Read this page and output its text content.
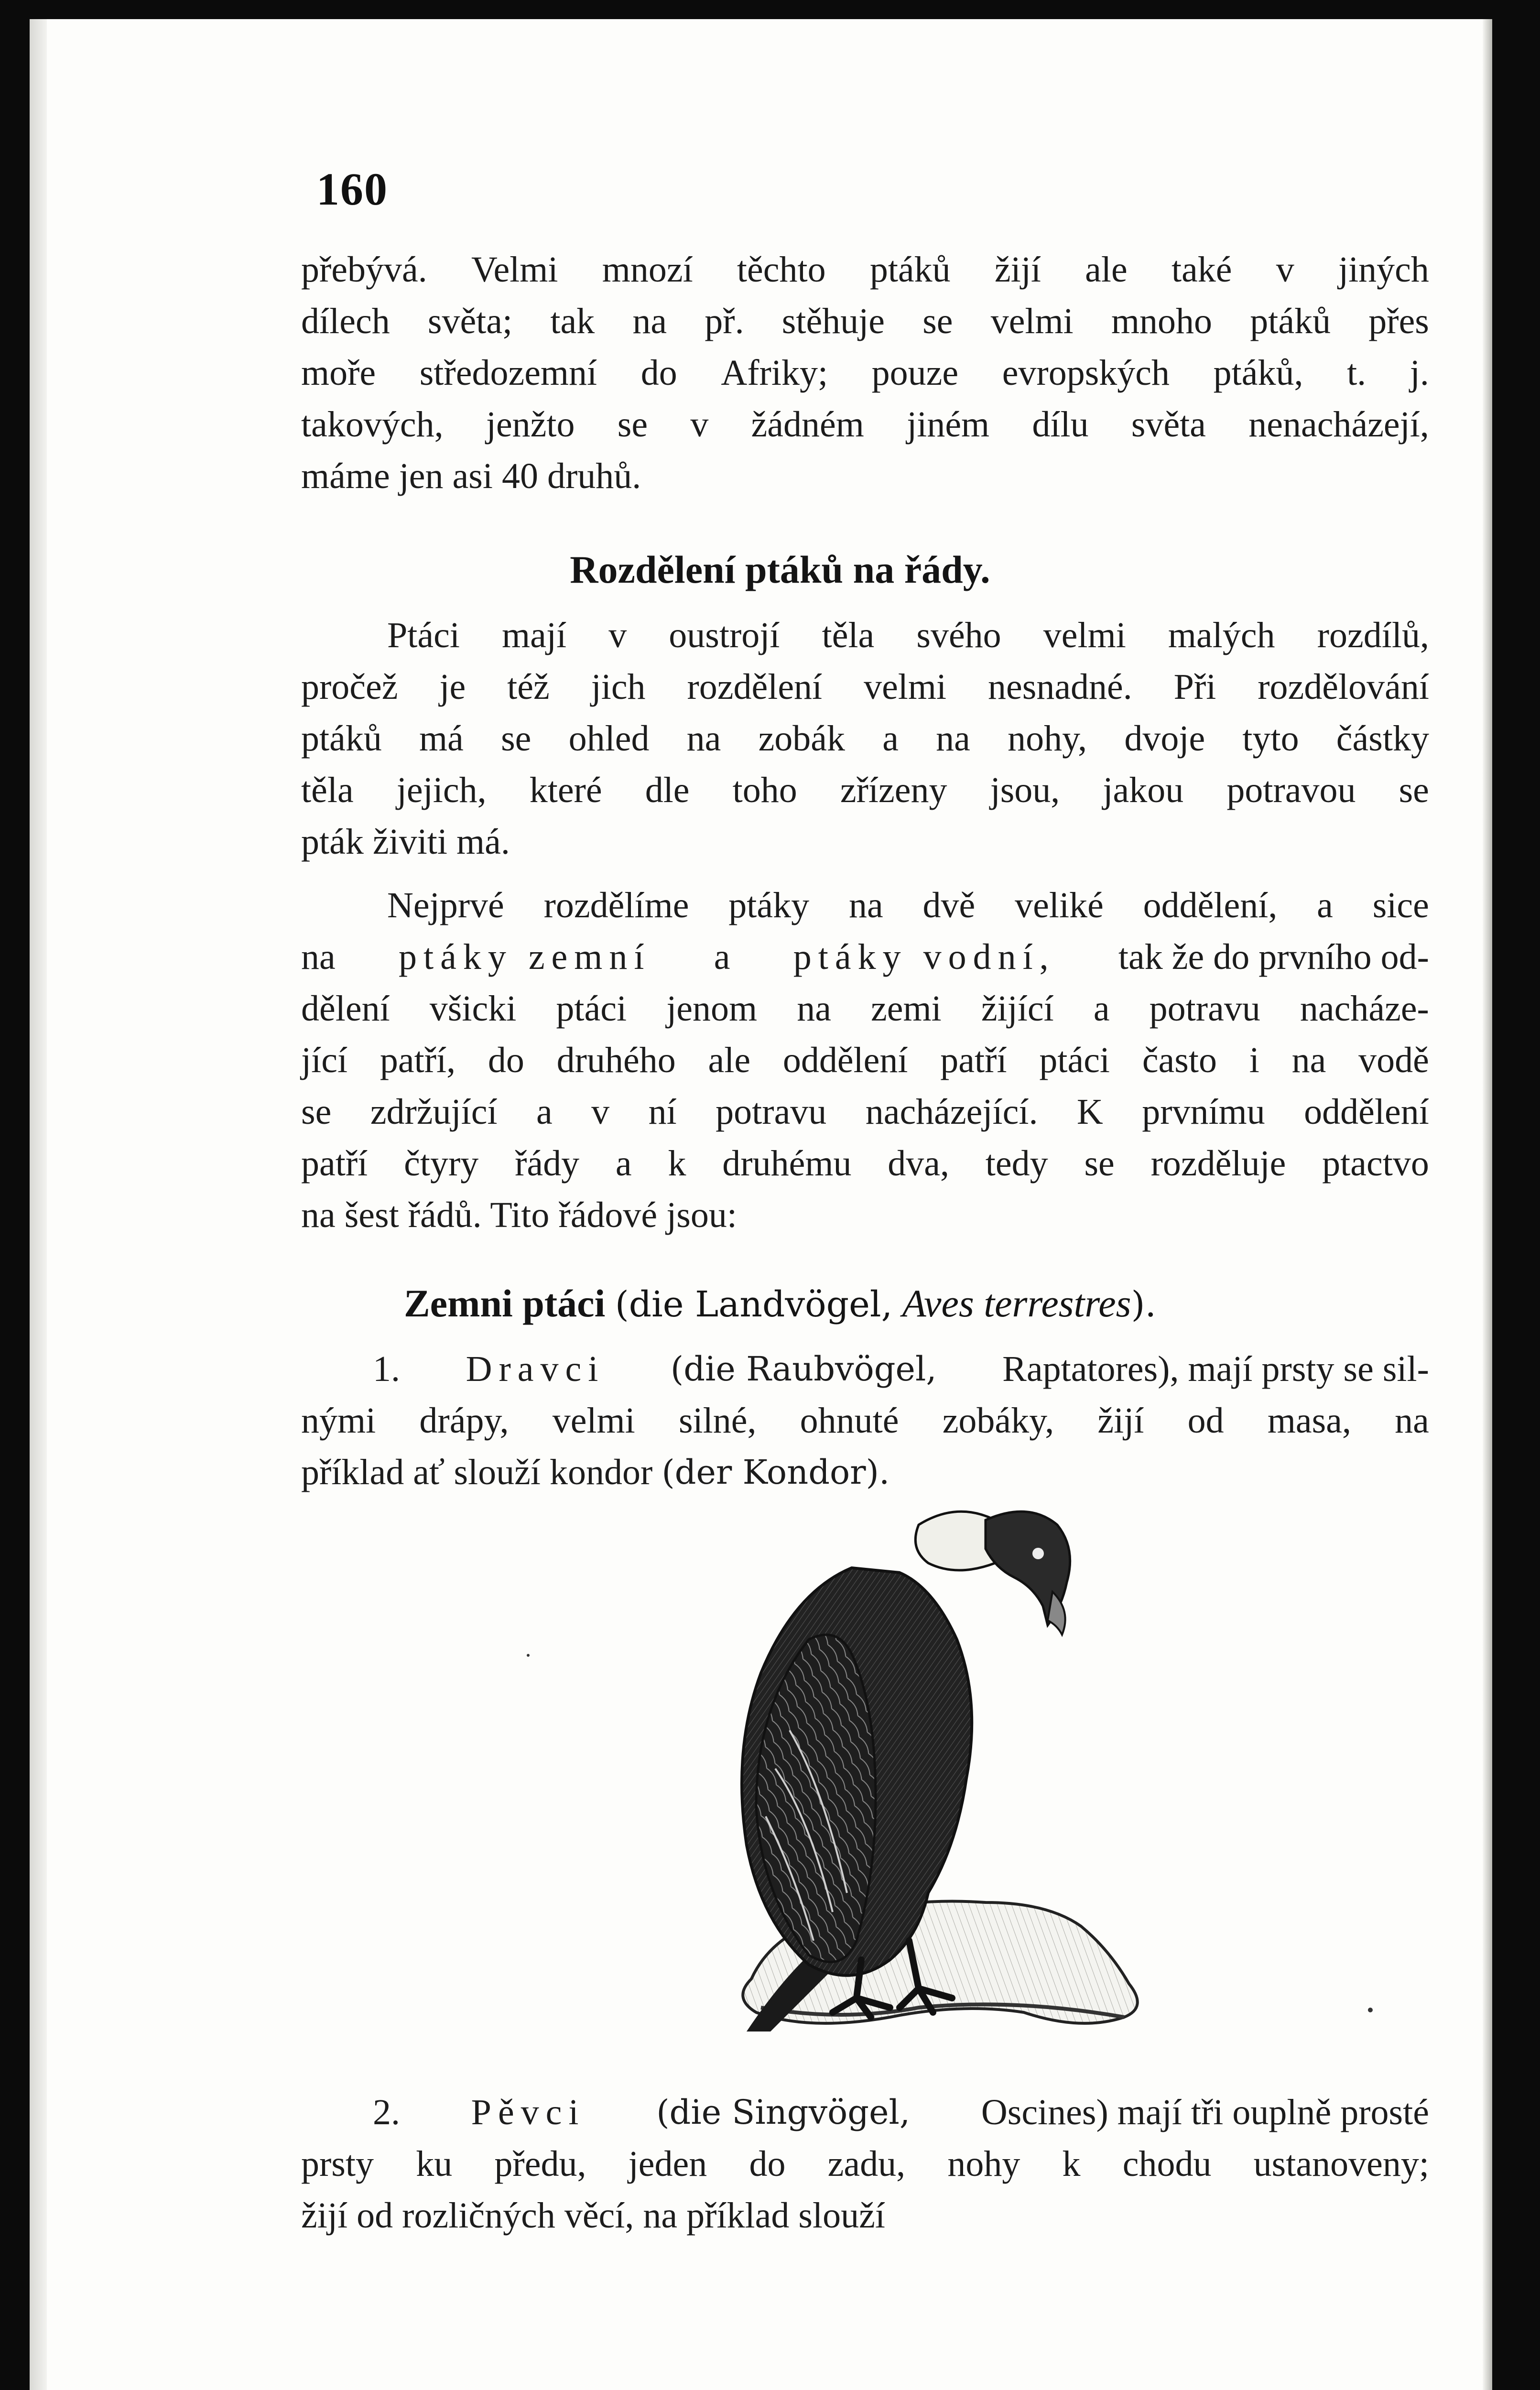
160
přebývá. Velmi mnozí těchto ptáků žijí ale také v jiných
dílech světa; tak na př. stěhuje se velmi mnoho ptáků přes
moře středozemní do Afriky; pouze evropských ptáků, t. j.
takových, jenžto se v žádném jiném dílu světa nenacházejí,
máme jen asi 40 druhů.
Rozdělení ptáků na řády.
Ptáci mají v oustrojí těla svého velmi malých rozdílů,
pročež je též jich rozdělení velmi nesnadné. Při rozdělování
ptáků má se ohled na zobák a na nohy, dvoje tyto částky
těla jejich, které dle toho zřízeny jsou, jakou potravou se
pták živiti má.
Nejprvé rozdělíme ptáky na dvě veliké oddělení, a sice
na ptáky zemní a ptáky vodní, tak že do prvního od-
dělení všicki ptáci jenom na zemi žijící a potravu nacháze-
jící patří, do druhého ale oddělení patří ptáci často i na vodě
se zdržující a v ní potravu nacházející. K prvnímu oddělení
patří čtyry řády a k druhému dva, tedy se rozděluje ptactvo
na šest řádů. Tito řádové jsou:
Zemni ptáci (die Landvögel, Aves terrestres).
1. Dravci (die Raubvögel, Raptatores), mají prsty se sil-
nými drápy, velmi silné, ohnuté zobáky, žijí od masa, na
příklad ať slouží kondor
(der Kondor).
2. Pěvci (die Singvögel, Oscines) mají tři ouplně prosté
prsty ku předu, jeden do zadu, nohy k chodu ustanoveny;
žijí od rozličných věcí, na příklad slouží
